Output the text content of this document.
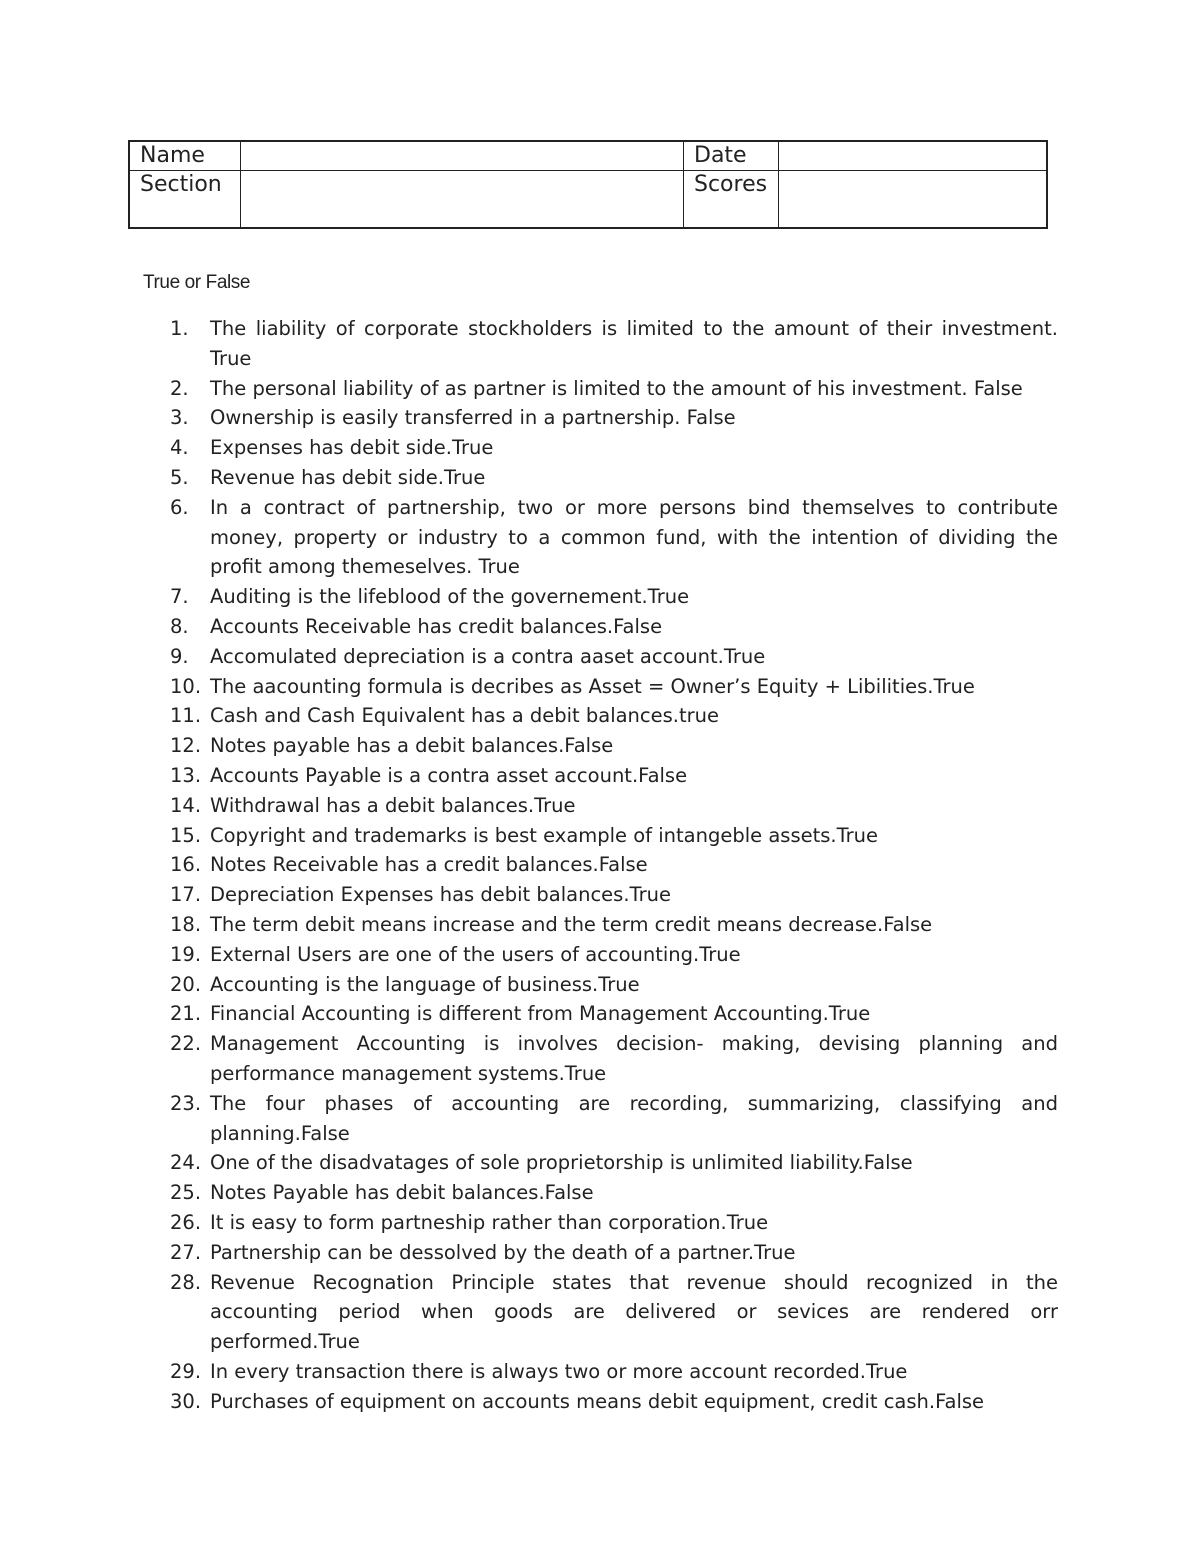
Name		Date	
Section		Scores	
True or False
1.	The liability of corporate stockholders is limited to the amount of their investment. True
2.	The personal liability of as partner is limited to the amount of his investment. False
3.	Ownership is easily transferred in a partnership. False
4.	Expenses has debit side.True
5.	Revenue has debit side.True
6.	In a contract of partnership, two or more persons bind themselves to contribute money, property or industry to a common fund, with the intention of dividing the profit among themeselves. True
7.	Auditing is the lifeblood of the governement.True
8.	Accounts Receivable has credit balances.False
9.	Accomulated depreciation is a contra aaset account.True
10. The aacounting formula is decribes as Asset = Owner’s Equity + Libilities.True
11. Cash and Cash Equivalent has a debit balances.true
12. Notes payable has a debit balances.False
13. Accounts Payable is a contra asset account.False
14. Withdrawal has a debit balances.True
15. Copyright and trademarks is best example of intangeble assets.True
16. Notes Receivable has a credit balances.False
17. Depreciation Expenses has debit balances.True
18. The term debit means increase and the term credit means decrease.False
19. External Users are one of the users of accounting.True
20. Accounting is the language of business.True
21. Financial Accounting is different from Management Accounting.True
22. Management Accounting is involves decision- making, devising planning and performance management systems.True
23. The four phases of accounting are recording, summarizing, classifying and planning.False
24. One of the disadvatages of sole proprietorship is unlimited liability.False
25. Notes Payable has debit balances.False
26. It is easy to form partneship rather than corporation.True
27. Partnership can be dessolved by the death of a partner.True
28. Revenue Recognation Principle states that revenue should recognized in the accounting period when goods are delivered or sevices are rendered orr performed.True
29. In every transaction there is always two or more account recorded.True
30. Purchases of equipment on accounts means debit equipment, credit cash.False
